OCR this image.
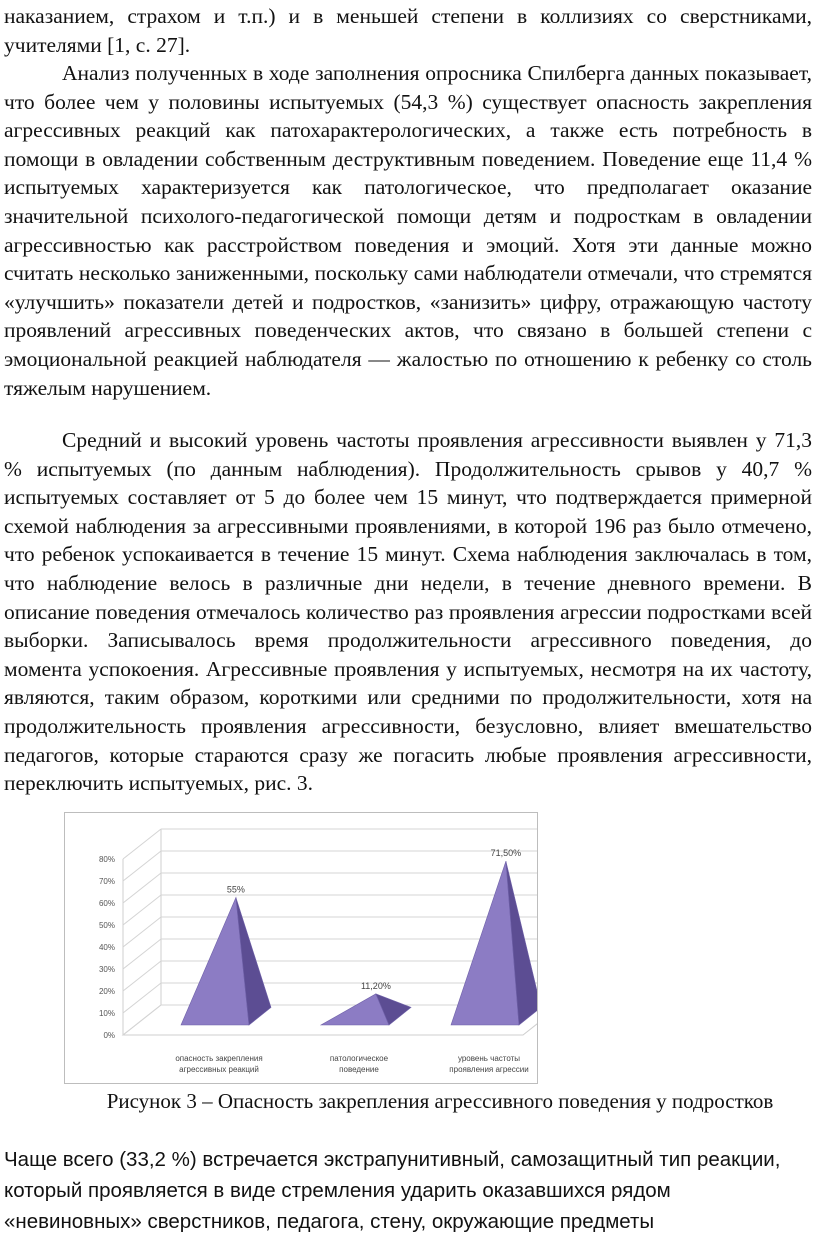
наказанием, страхом и т.п.) и в меньшей степени в коллизиях со сверстниками, учителями [1, с. 27].

Анализ полученных в ходе заполнения опросника Спилберга данных показывает, что более чем у половины испытуемых (54,3 %) существует опасность закрепления агрессивных реакций как патохарактерологических, а также есть потребность в помощи в овладении собственным деструктивным поведением. Поведение еще 11,4 % испытуемых характеризуется как патологическое, что предполагает оказание значительной психолого-педагогической помощи детям и подросткам в овладении агрессивностью как расстройством поведения и эмоций. Хотя эти данные можно считать несколько заниженными, поскольку сами наблюдатели отмечали, что стремятся «улучшить» показатели детей и подростков, «занизить» цифру, отражающую частоту проявлений агрессивных поведенческих актов, что связано в большей степени с эмоциональной реакцией наблюдателя — жалостью по отношению к ребенку со столь тяжелым нарушением.

Средний и высокий уровень частоты проявления агрессивности выявлен у 71,3 % испытуемых (по данным наблюдения). Продолжительность срывов у 40,7 % испытуемых составляет от 5 до более чем 15 минут, что подтверждается примерной схемой наблюдения за агрессивными проявлениями, в которой 196 раз было отмечено, что ребенок успокаивается в течение 15 минут. Схема наблюдения заключалась в том, что наблюдение велось в различные дни недели, в течение дневного времени. В описание поведения отмечалось количество раз проявления агрессии подростками всей выборки. Записывалось время продолжительности агрессивного поведения, до момента успокоения. Агрессивные проявления у испытуемых, несмотря на их частоту, являются, таким образом, короткими или средними по продолжительности, хотя на продолжительность проявления агрессивности, безусловно, влияет вмешательство педагогов, которые стараются сразу же погасить любые проявления агрессивности, переключить испытуемых, рис. 3.

0%
10%
20%
30%
40%
50%
60%
70%
80%
55%
опасность закрепления
агрессивных реакций
11,20%
патологическое
поведение
71,50%
уровень частоты
проявления агрессии
Рисунок 3 – Опасность закрепления агрессивного поведения у подростков

Чаще всего (33,2 %) встречается экстрапунитивный, самозащитный тип реакции, который проявляется в виде стремления ударить оказавшихся рядом «невиновных» сверстников, педагога, стену, окружающие предметы
